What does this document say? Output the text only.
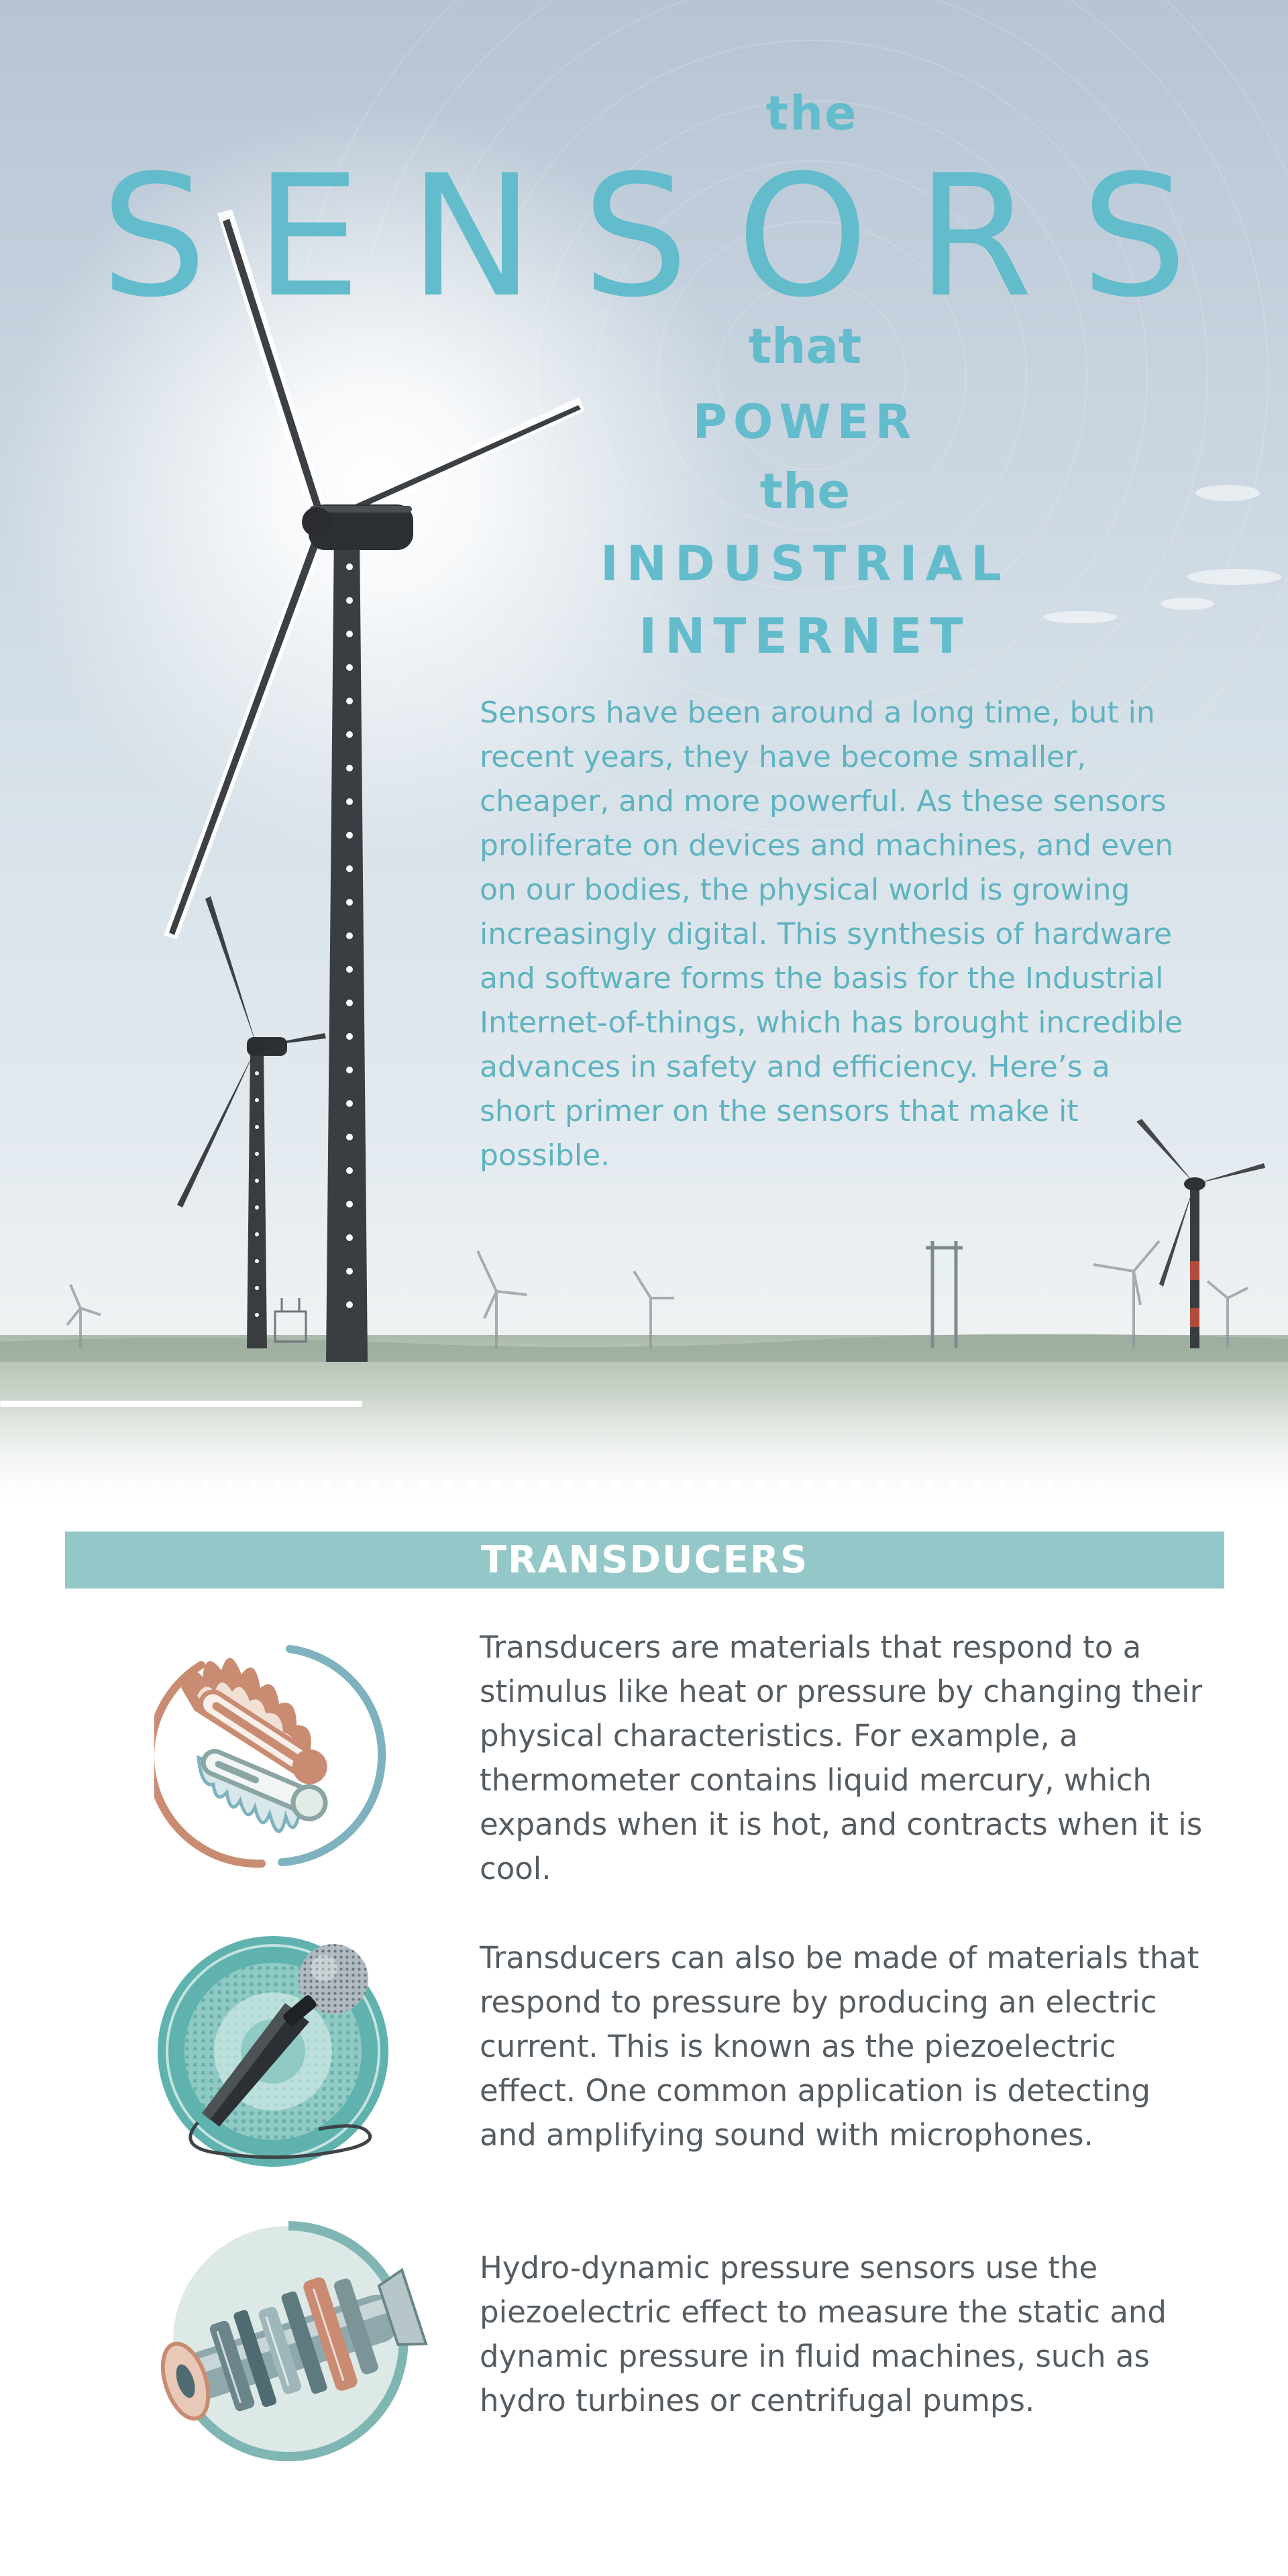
the
S E N S O R S
that
POWER
the
INDUSTRIAL
INTERNET

Sensors have been around a long time, but in recent years, they have become smaller, cheaper, and more powerful. As these sensors proliferate on devices and machines, and even on our bodies, the physical world is growing increasingly digital. This synthesis of hardware and software forms the basis for the Industrial Internet-of-things, which has brought incredible advances in safety and efficiency. Here’s a short primer on the sensors that make it possible.

TRANSDUCERS

Transducers are materials that respond to a stimulus like heat or pressure by changing their physical characteristics. For example, a thermometer contains liquid mercury, which expands when it is hot, and contracts when it is cool.

Transducers can also be made of materials that respond to pressure by producing an electric current. This is known as the piezoelectric effect. One common application is detecting and amplifying sound with microphones.

Hydro-dynamic pressure sensors use the piezoelectric effect to measure the static and dynamic pressure in fluid machines, such as hydro turbines or centrifugal pumps.
